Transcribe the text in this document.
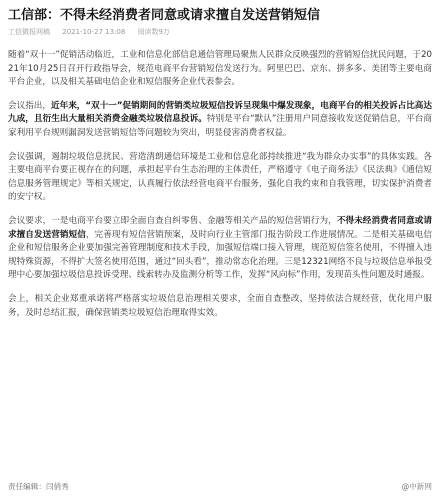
工信部：不得未经消费者同意或请求擅自发送营销短信
工信微报网稿 2021-10-27 13:08 阅读数9万

随着“双十一”促销活动临近，工业和信息化部信息通信管理局聚焦人民群众反映强烈的营销短信扰民问题，于2021年10月25日召开行政指导会，规范电商平台营销短信发送行为。阿里巴巴、京东、拼多多、美团等主要电商平台企业，以及相关基础电信企业和短信服务企业代表参会。

会议指出，近年来，“双十一”促销期间的营销类垃圾短信投诉呈现集中爆发现象，电商平台的相关投诉占比高达九成，且衍生出大量相关消费金融类垃圾信息投诉。特别是平台“默认”注册用户同意接收发送促销信息，平台商家利用平台规则漏洞发送营销短信等问题较为突出，明显侵害消费者权益。

会议强调，遏制垃圾信息扰民、营造清朗通信环境是工业和信息化部持续推进“我为群众办实事”的具体实践。各主要电商平台要正视存在的问题，承担起平台生态治理的主体责任，严格遵守《电子商务法》《民法典》《通信短信息服务管理规定》等相关规定，认真履行依法经营电商平台服务，强化自我约束和自我管理，切实保护消费者的安宁权。

会议要求，一是电商平台要立即全面自查自纠零售、金融等相关产品的短信营销行为，不得未经消费者同意或请求擅自发送营销短信，完善现有短信营销预案，及时向行业主管部门报告阶段工作进展情况。二是相关基础电信企业和短信服务企业要加强完善管理制度和技术手段，加强短信端口接入管理，规范短信签名使用，不得擅入违规特殊资源，不得扩大签名使用范围，通过“回头看”，推动常态化治理。三是12321网络不良与垃圾信息举报受理中心要加强垃圾信息投诉受理、线索转办及监测分析等工作，发挥“风向标”作用，发现苗头性问题及时通报。

会上，相关企业郑重承诺将严格落实垃圾信息治理相关要求，全面自查整改，坚持依法合规经营，优化用户服务，及时总结汇报，确保营销类垃圾短信治理取得实效。

责任编辑：闫俏秀	@中新网
